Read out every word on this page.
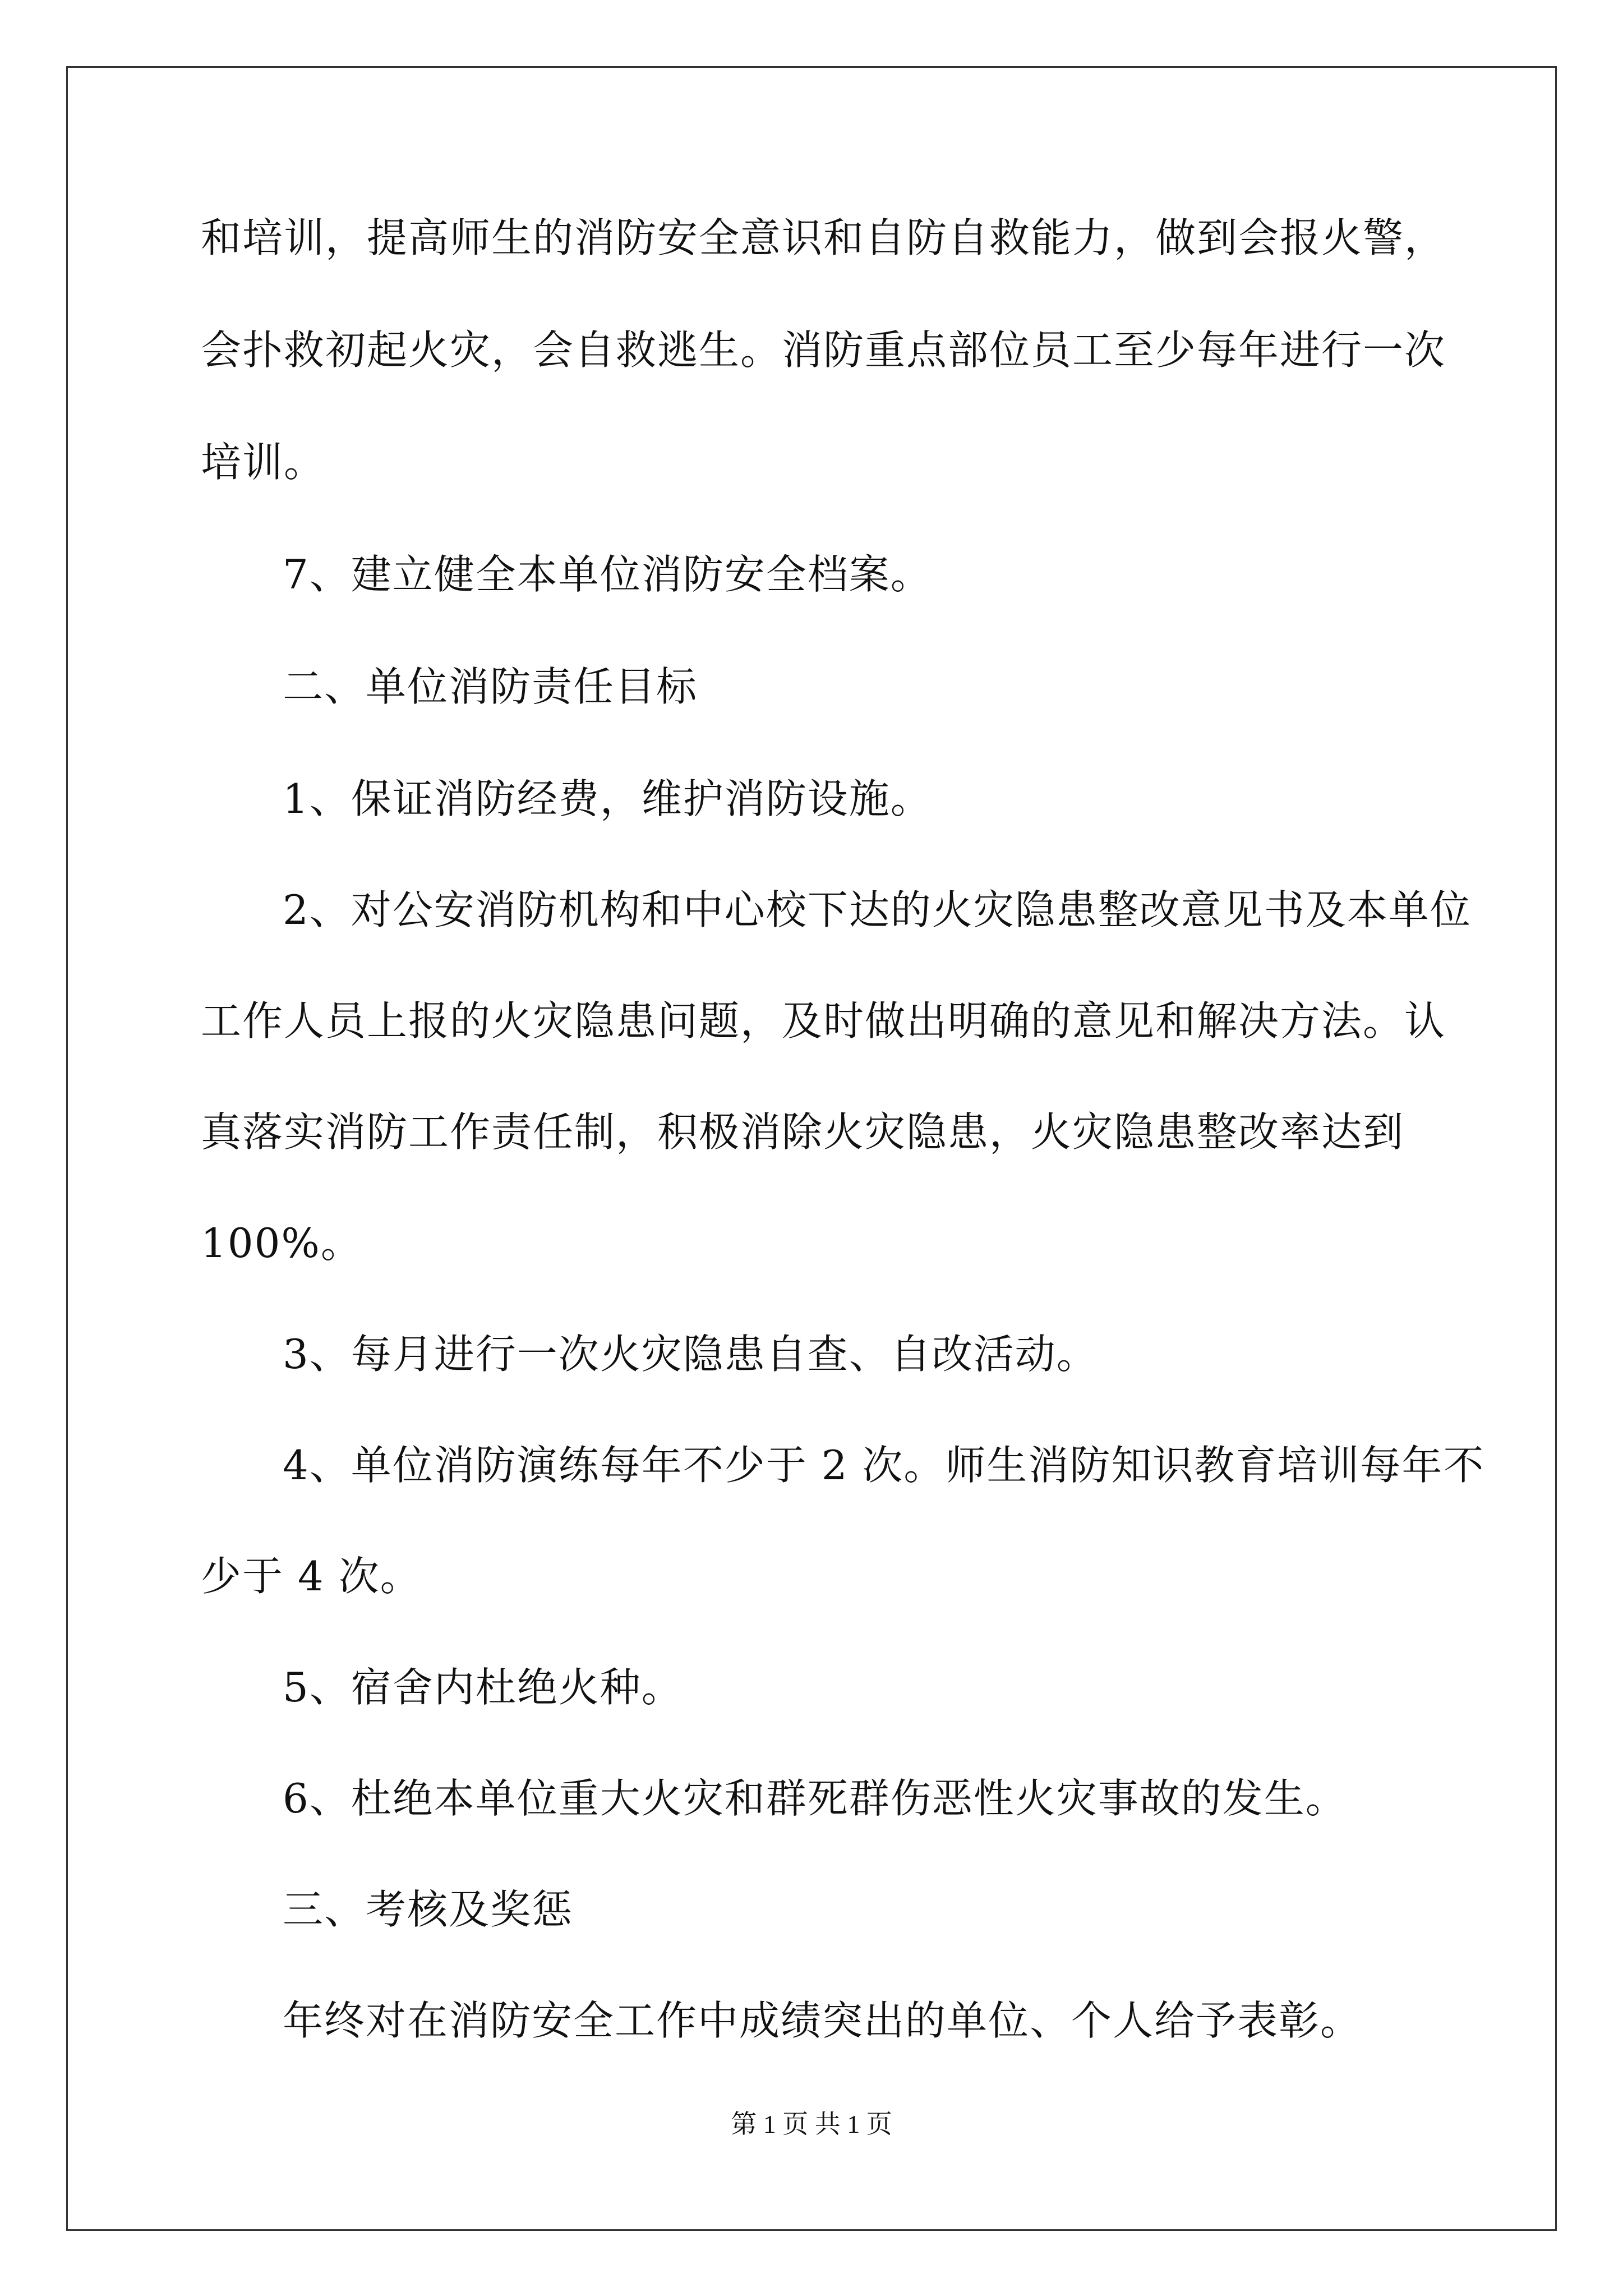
和培训，提高师生的消防安全意识和自防自救能力，做到会报火警，
会扑救初起火灾，会自救逃生。消防重点部位员工至少每年进行一次
培训。
7、建立健全本单位消防安全档案。
二、单位消防责任目标
1、保证消防经费，维护消防设施。
2、对公安消防机构和中心校下达的火灾隐患整改意见书及本单位
工作人员上报的火灾隐患问题，及时做出明确的意见和解决方法。认
真落实消防工作责任制，积极消除火灾隐患，火灾隐患整改率达到
100%。
3、每月进行一次火灾隐患自查、自改活动。
4、单位消防演练每年不少于 2 次。师生消防知识教育培训每年不
少于 4 次。
5、宿舍内杜绝火种。
6、杜绝本单位重大火灾和群死群伤恶性火灾事故的发生。
三、考核及奖惩
年终对在消防安全工作中成绩突出的单位、个人给予表彰。
第 1 页 共 1 页
